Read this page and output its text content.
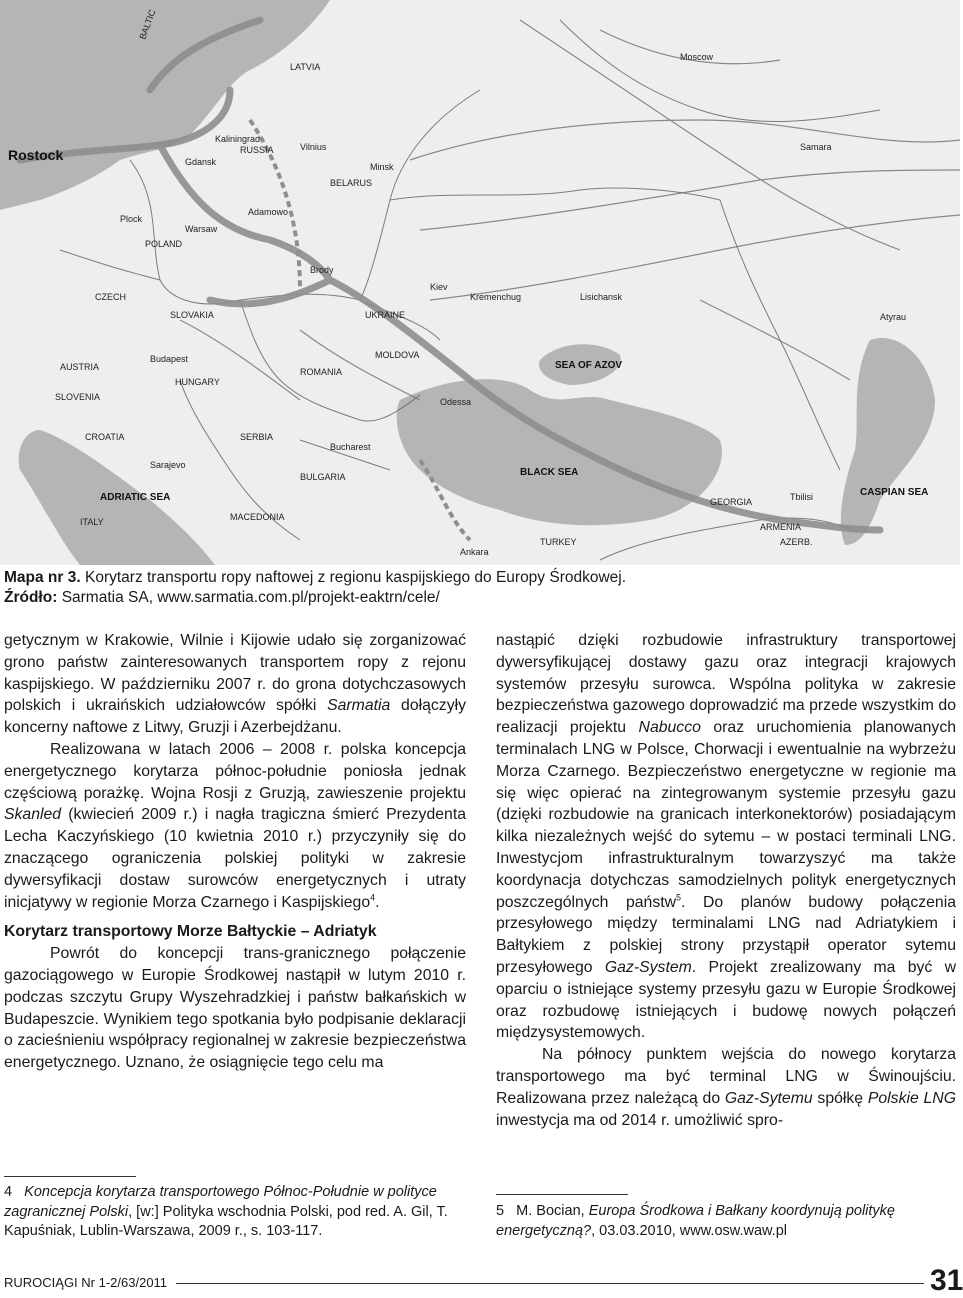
BALTIC
LATVIA
Moscow
Rostock	Gdansk
Kaliningrad
RUSSIA	Vilnius
BELARUS
Minsk
Plock
Adamowo
Warsaw
POLAND
Brody
Kiev
UKRAINE
CZECH
SLOVAKIA
Budapest
HUNGARY
AUSTRIA
SLOVENIA
CROATIA	SERBIA
ROMANIA
MOLDOVA
BULGARIA
Bucharest
Sarajevo
ADRIATIC SEA
ITALY	MACEDONIA
BLACK SEA
SEA OF AZOV
Odessa
Kremenchug	Lisichansk
Samara
Atyrau
GEORGIA	Tbilisi
ARMENIA
AZERB.
TURKEY
Ankara
CASPIAN SEA
Mapa nr 3. Korytarz transportu ropy naftowej z regionu kaspijskiego do Europy Środkowej.
Źródło: Sarmatia SA, www.sarmatia.com.pl/projekt-eaktrn/cele/

getycznym w Krakowie, Wilnie i Kijowie udało się zorganizować grono państw zainteresowanych transportem ropy z rejonu kaspijskiego. W październiku 2007 r. do grona dotychczasowych polskich i ukraińskich udziałowców spółki Sarmatia dołączyły koncerny naftowe z Litwy, Gruzji i Azerbejdżanu.

Realizowana w latach 2006 – 2008 r. polska koncepcja energetycznego korytarza północ-południe poniosła jednak częściową porażkę. Wojna Rosji z Gruzją, zawieszenie projektu Skanled (kwiecień 2009 r.) i nagła tragiczna śmierć Prezydenta Lecha Kaczyńskiego (10 kwietnia 2010 r.) przyczyniły się do znaczącego ograniczenia polskiej polityki w zakresie dywersyfikacji dostaw surowców energetycznych i utraty inicjatywy w regionie Morza Czarnego i Kaspijskiego$^4$.

Korytarz transportowy Morze Bałtyckie – Adriatyk

Powrót do koncepcji trans-granicznego połączenie gazociągowego w Europie Środkowej nastąpił w lutym 2010 r. podczas szczytu Grupy Wyszehradzkiej i państw bałkańskich w Budapeszcie. Wynikiem tego spotkania było podpisanie deklaracji o zacieśnieniu współpracy regionalnej w zakresie bezpieczeństwa energetycznego. Uznano, że osiągnięcie tego celu ma

nastąpić dzięki rozbudowie infrastruktury transportowej dywersyfikującej dostawy gazu oraz integracji krajowych systemów przesyłu surowca. Wspólna polityka w zakresie bezpieczeństwa gazowego doprowadzić ma przede wszystkim do realizacji projektu Nabucco oraz uruchomienia planowanych terminalach LNG w Polsce, Chorwacji i ewentualnie na wybrzeżu Morza Czarnego. Bezpieczeństwo energetyczne w regionie ma się więc opierać na zintegrowanym systemie przesyłu gazu (dzięki rozbudowie na granicach interkonektorów) posiadającym kilka niezależnych wejść do sytemu – w postaci terminali LNG. Inwestycjom infrastrukturalnym towarzyszyć ma także koordynacja dotychczas samodzielnych polityk energetycznych poszczególnych państw$^5$. Do planów budowy połączenia przesyłowego między terminalami LNG nad Adriatykiem i Bałtykiem z polskiej strony przystąpił operator sytemu przesyłowego Gaz-System. Projekt zrealizowany ma być w oparciu o istniejące systemy przesyłu gazu w Europie Środkowej oraz rozbudowę istniejących i budowę nowych połączeń międzysystemowych.

Na północy punktem wejścia do nowego korytarza transportowego ma być terminal LNG w Świnoujściu. Realizowana przez należącą do Gaz-Sytemu spółkę Polskie LNG inwestycja ma od 2014 r. umożliwić spro-

4 Koncepcja korytarza transportowego Północ-Południe w polityce zagranicznej Polski, [w:] Polityka wschodnia Polski, pod red. A. Gil, T. Kapuśniak, Lublin-Warszawa, 2009 r., s. 103-117.
5 M. Bocian, Europa Środkowa i Bałkany koordynują politykę energetyczną?, 03.03.2010, www.osw.waw.pl
RUROCIĄGI Nr 1-2/63/2011	31
